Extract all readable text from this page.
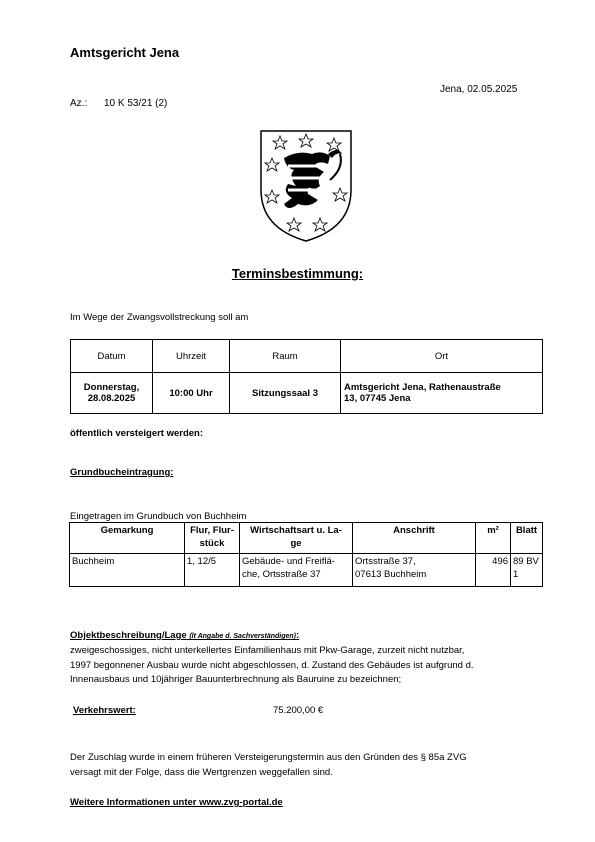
Amtsgericht Jena
Jena, 02.05.2025
Az.: 10 K 53/21 (2)
Terminsbestimmung:
Im Wege der Zwangsvollstreckung soll am
Datum	Uhrzeit	Raum	Ort
Donnerstag,
28.08.2025	10:00 Uhr	Sitzungssaal 3	Amtsgericht Jena, Rathenaustraße
13, 07745 Jena
öffentlich versteigert werden:
Grundbucheintragung:
Eingetragen im Grundbuch von Buchheim
Gemarkung	Flur, Flur-
stück	Wirtschaftsart u. La-
ge	Anschrift	m²	Blatt
Buchheim	1, 12/5	Gebäude- und Freiflä-
che, Ortsstraße 37	Ortsstraße 37,
07613 Buchheim	496	89 BV 1
Objektbeschreibung/Lage (lt Angabe d. Sachverständigen):
zweigeschossiges, nicht unterkellertes Einfamilienhaus mit Pkw-Garage, zurzeit nicht nutzbar,
1997 begonnener Ausbau wurde nicht abgeschlossen, d. Zustand des Gebäudes ist aufgrund d.
Innenausbaus und 10jähriger Bauunterbrechnung als Bauruine zu bezeichnen;
Verkehrswert:	75.200,00 €
Der Zuschlag wurde in einem früheren Versteigerungstermin aus den Gründen des § 85a ZVG
versagt mit der Folge, dass die Wertgrenzen weggefallen sind.
Weitere Informationen unter www.zvg-portal.de
